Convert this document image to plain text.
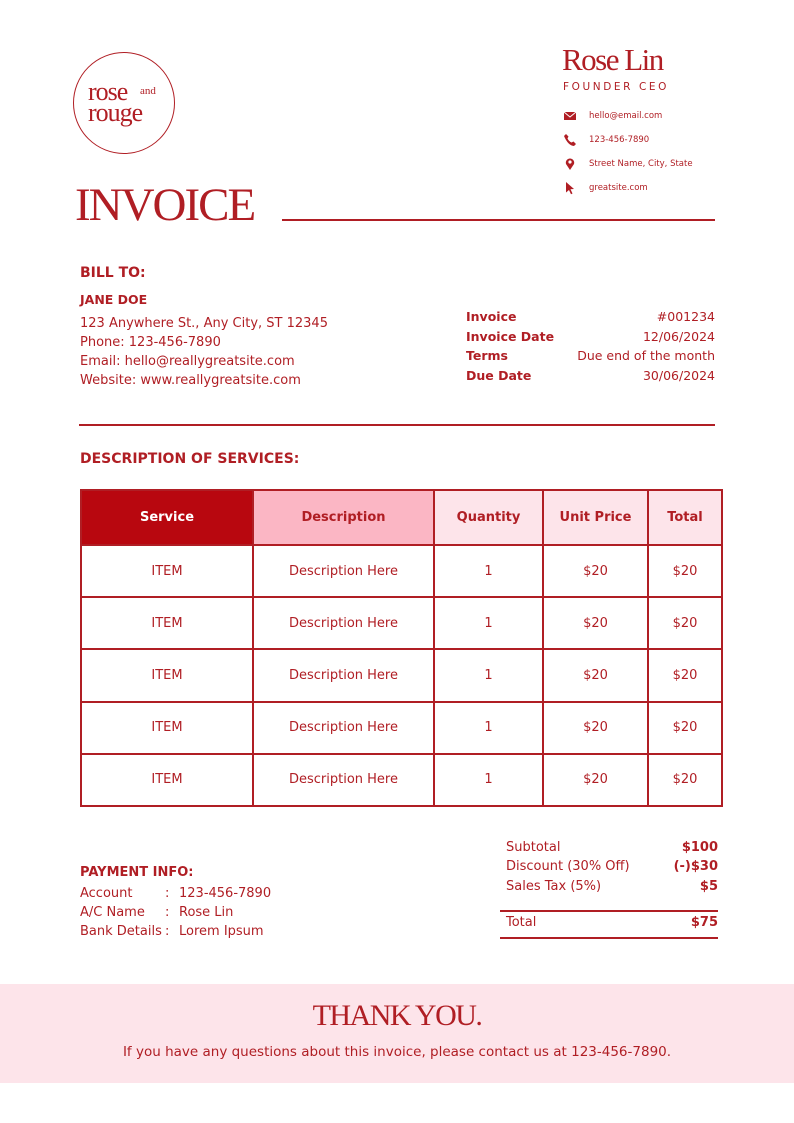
rose and
rouge
Rose Lin
FOUNDER CEO
hello@email.com
123-456-7890
Street Name, City, State
greatsite.com
INVOICE
BILL TO:
JANE DOE
123 Anywhere St., Any City, ST 12345
Phone: 123-456-7890
Email: hello@reallygreatsite.com
Website: www.reallygreatsite.com
Invoice	#001234
Invoice Date	12/06/2024
Terms	Due end of the month
Due Date	30/06/2024
DESCRIPTION OF SERVICES:
Service	Description	Quantity	Unit Price	Total
ITEM	Description Here	1	$20	$20
ITEM	Description Here	1	$20	$20
ITEM	Description Here	1	$20	$20
ITEM	Description Here	1	$20	$20
ITEM	Description Here	1	$20	$20
PAYMENT INFO:
Account	: 123-456-7890
A/C Name	: Rose Lin
Bank Details : Lorem Ipsum
Subtotal	$100
Discount (30% Off)	(-)$30
Sales Tax (5%)	$5
Total	$75
THANK YOU.
If you have any questions about this invoice, please contact us at 123-456-7890.
